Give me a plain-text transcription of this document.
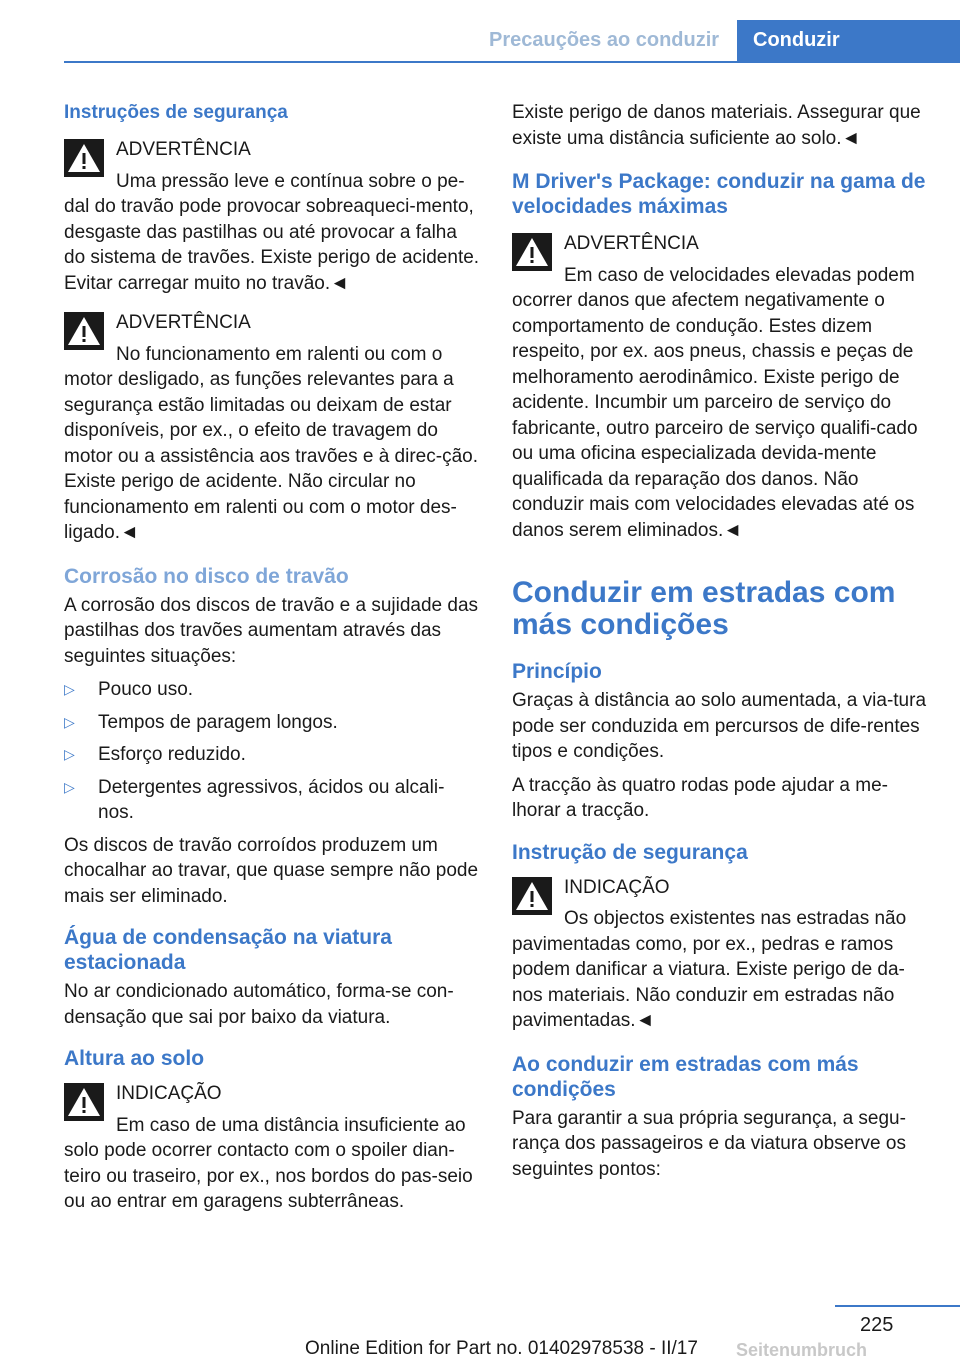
Precauções ao conduzir Conduzir
Instruções de segurança

ADVERTÊNCIA

Uma pressão leve e contínua sobre o pe-

dal do travão pode provocar sobreaqueci-mento, desgaste das pastilhas ou até provocar a falha do sistema de travões. Existe perigo de acidente. Evitar carregar muito no travão.◄

ADVERTÊNCIA

No funcionamento em ralenti ou com o

motor desligado, as funções relevantes para a segurança estão limitadas ou deixam de estar disponíveis, por ex., o efeito de travagem do motor ou a assistência aos travões e à direc-ção. Existe perigo de acidente. Não circular no funcionamento em ralenti ou com o motor des-ligado.◄

Corrosão no disco de travão

A corrosão dos discos de travão e a sujidade das pastilhas dos travões aumentam através das seguintes situações:

▷ Pouco uso.
▷ Tempos de paragem longos.
▷ Esforço reduzido.
▷ Detergentes agressivos, ácidos ou alcali-nos.

Os discos de travão corroídos produzem um chocalhar ao travar, que quase sempre não pode mais ser eliminado.

Água de condensação na viatura estacionada

No ar condicionado automático, forma-se con-densação que sai por baixo da viatura.

Altura ao solo

INDICAÇÃO

Em caso de uma distância insuficiente ao

solo pode ocorrer contacto com o spoiler dian-teiro ou traseiro, por ex., nos bordos do pas-seio ou ao entrar em garagens subterrâneas.

Existe perigo de danos materiais. Assegurar que existe uma distância suficiente ao solo.◄

M Driver's Package: conduzir na gama de velocidades máximas

ADVERTÊNCIA

Em caso de velocidades elevadas podem

ocorrer danos que afectem negativamente o comportamento de condução. Estes dizem respeito, por ex. aos pneus, chassis e peças de melhoramento aerodinâmico. Existe perigo de acidente. Incumbir um parceiro de serviço do fabricante, outro parceiro de serviço qualifi-cado ou uma oficina especializada devida-mente qualificada da reparação dos danos. Não conduzir mais com velocidades elevadas até os danos serem eliminados.◄

Conduzir em estradas com más condições
Princípio

Graças à distância ao solo aumentada, a via-tura pode ser conduzida em percursos de dife-rentes tipos e condições.

A tracção às quatro rodas pode ajudar a me-lhorar a tracção.

Instrução de segurança

INDICAÇÃO

Os objectos existentes nas estradas não

pavimentadas como, por ex., pedras e ramos podem danificar a viatura. Existe perigo de da-nos materiais. Não conduzir em estradas não pavimentadas.◄

Ao conduzir em estradas com más condições

Para garantir a sua própria segurança, a segu-rança dos passageiros e da viatura observe os seguintes pontos:

225
Seitenumbruch
Online Edition for Part no. 01402978538 - II/17
